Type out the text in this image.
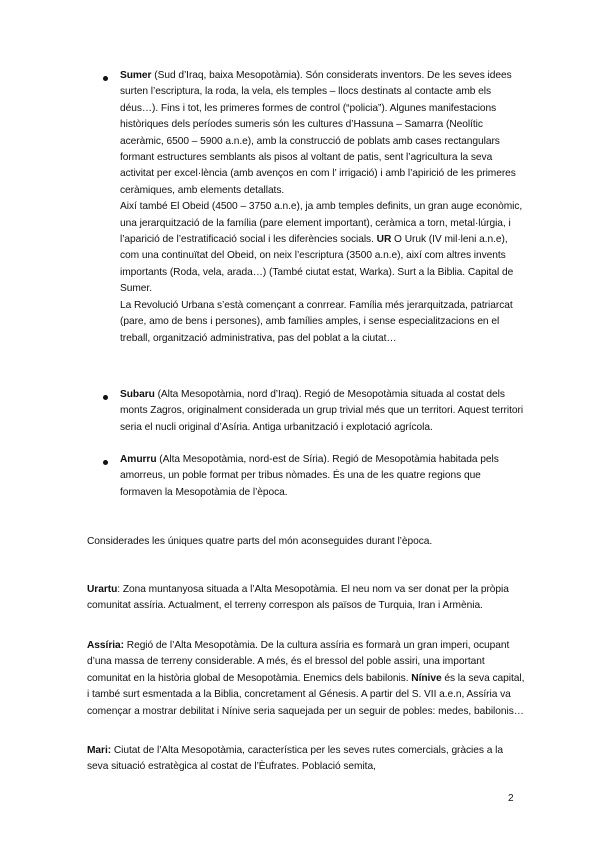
Sumer (Sud d’Iraq, baixa Mesopotàmia). Són considerats inventors. De les seves idees surten l’escriptura, la roda, la vela, els temples – llocs destinats al contacte amb els déus…). Fins i tot, les primeres formes de control (“policia”). Algunes manifestacions històriques dels períodes sumeris són les cultures d’Hassuna – Samarra (Neolític aceràmic, 6500 – 5900 a.n.e), amb la construcció de poblats amb cases rectangulars formant estructures semblants als pisos al voltant de patis, sent l’agricultura la seva activitat per excel·lència (amb avenços en com l’ irrigació) i amb l’apirició de les primeres ceràmiques, amb elements detallats.

Així també El Obeid (4500 – 3750 a.n.e), ja amb temples definits, un gran auge econòmic, una jerarquització de la família (pare element important), ceràmica a torn, metal·lúrgia, i l’aparició de l’estratificació social i les diferències socials. UR O Uruk (IV mil·leni a.n.e), com una continuïtat del Obeid, on neix l’escriptura (3500 a.n.e), així com altres invents importants (Roda, vela, arada…) (També ciutat estat, Warka). Surt a la Biblia. Capital de Sumer.

La Revolució Urbana s’està començant a conrrear. Família més jerarquitzada, patriarcat (pare, amo de bens i persones), amb famílies amples, i sense especialitzacions en el treball, organització administrativa, pas del poblat a la ciutat…

Subaru (Alta Mesopotàmia, nord d’Iraq). Regió de Mesopotàmia situada al costat dels monts Zagros, originalment considerada un grup trivial més que un territori. Aquest territori seria el nucli original d’Asíria. Antiga urbanització i explotació agrícola.

Amurru (Alta Mesopotàmia, nord-est de Síria). Regió de Mesopotàmia habitada pels amorreus, un poble format per tribus nòmades. És una de les quatre regions que formaven la Mesopotàmia de l’època.

Considerades les úniques quatre parts del món aconseguides durant l’època.
Urartu: Zona muntanyosa situada a l’Alta Mesopotàmia. El neu nom va ser donat per la pròpia comunitat assíria. Actualment, el terreny correspon als països de Turquia, Iran i Armènia.
Assíria: Regió de l’Alta Mesopotàmia. De la cultura assíria es formarà un gran imperi, ocupant d’una massa de terreny considerable. A més, és el bressol del poble assiri, una important comunitat en la història global de Mesopotàmia. Enemics dels babilonis. Nínive és la seva capital, i també surt esmentada a la Biblia, concretament al Génesis. A partir del S. VII a.e.n, Assíria va començar a mostrar debilitat i Nínive seria saquejada per un seguir de pobles: medes, babilonis…
Mari: Ciutat de l’Alta Mesopotàmia, característica per les seves rutes comercials, gràcies a la seva situació estratègica al costat de l’Èufrates. Població semita,
2
